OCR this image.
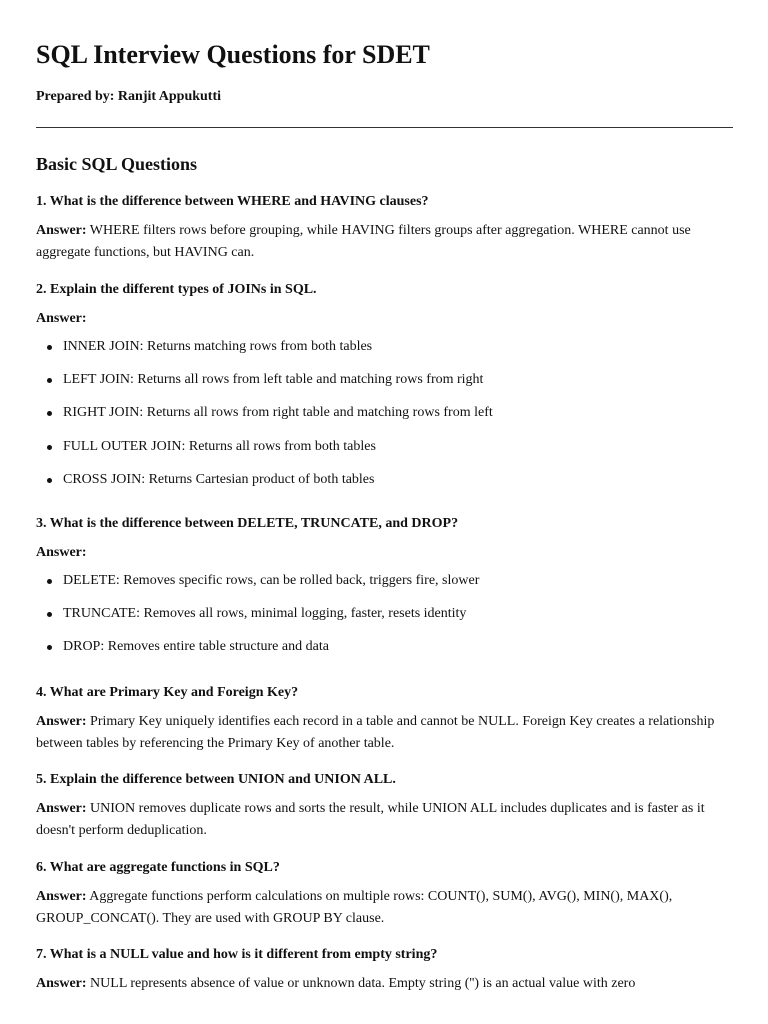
SQL Interview Questions for SDET
Prepared by: Ranjit Appukutti
Basic SQL Questions

1. What is the difference between WHERE and HAVING clauses?

Answer: WHERE filters rows before grouping, while HAVING filters groups after aggregation. WHERE cannot use aggregate functions, but HAVING can.

2. Explain the different types of JOINs in SQL.

Answer:

INNER JOIN: Returns matching rows from both tables
LEFT JOIN: Returns all rows from left table and matching rows from right
RIGHT JOIN: Returns all rows from right table and matching rows from left
FULL OUTER JOIN: Returns all rows from both tables
CROSS JOIN: Returns Cartesian product of both tables

3. What is the difference between DELETE, TRUNCATE, and DROP?

Answer:

DELETE: Removes specific rows, can be rolled back, triggers fire, slower
TRUNCATE: Removes all rows, minimal logging, faster, resets identity
DROP: Removes entire table structure and data

4. What are Primary Key and Foreign Key?

Answer: Primary Key uniquely identifies each record in a table and cannot be NULL. Foreign Key creates a relationship between tables by referencing the Primary Key of another table.

5. Explain the difference between UNION and UNION ALL.

Answer: UNION removes duplicate rows and sorts the result, while UNION ALL includes duplicates and is faster as it doesn't perform deduplication.

6. What are aggregate functions in SQL?

Answer: Aggregate functions perform calculations on multiple rows: COUNT(), SUM(), AVG(), MIN(), MAX(), GROUP_CONCAT(). They are used with GROUP BY clause.

7. What is a NULL value and how is it different from empty string?

Answer: NULL represents absence of value or unknown data. Empty string ('') is an actual value with zero
